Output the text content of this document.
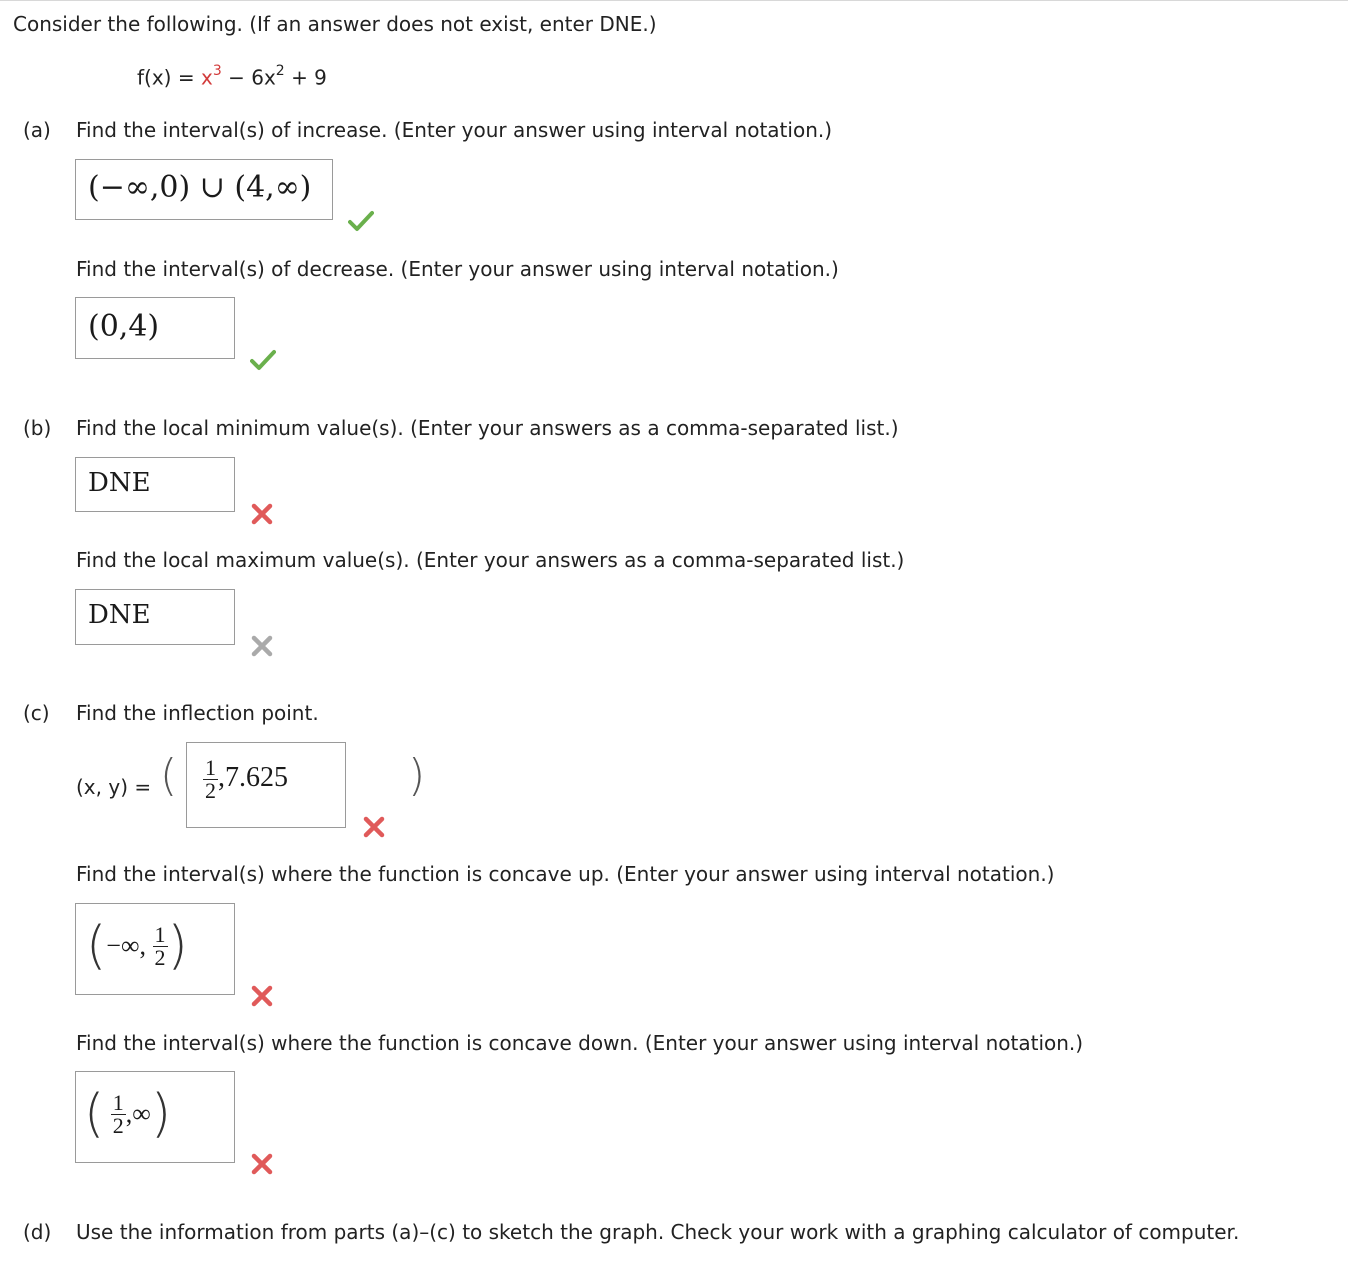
Consider the following. (If an answer does not exist, enter DNE.)
$f(x) = x^3 - 6x^2 + 9$
(a) Find the interval(s) of increase. (Enter your answer using interval notation.)
(−∞,0) ∪ (4,∞)
Find the interval(s) of decrease. (Enter your answer using interval notation.)
(0,4)
(b) Find the local minimum value(s). (Enter your answers as a comma-separated list.)
DNE
Find the local maximum value(s). (Enter your answers as a comma-separated list.)
DNE
(c) Find the inflection point.
(x, y) = ( $\frac{1}{2} ,7.625$	)
Find the interval(s) where the function is concave up. (Enter your answer using interval notation.)
(−∞, $\frac{1}{2}$ )
Find the interval(s) where the function is concave down. (Enter your answer using interval notation.)
( $\frac{1}{2}$ ,∞)
(d) Use the information from parts (a)–(c) to sketch the graph. Check your work with a graphing calculator of computer.
